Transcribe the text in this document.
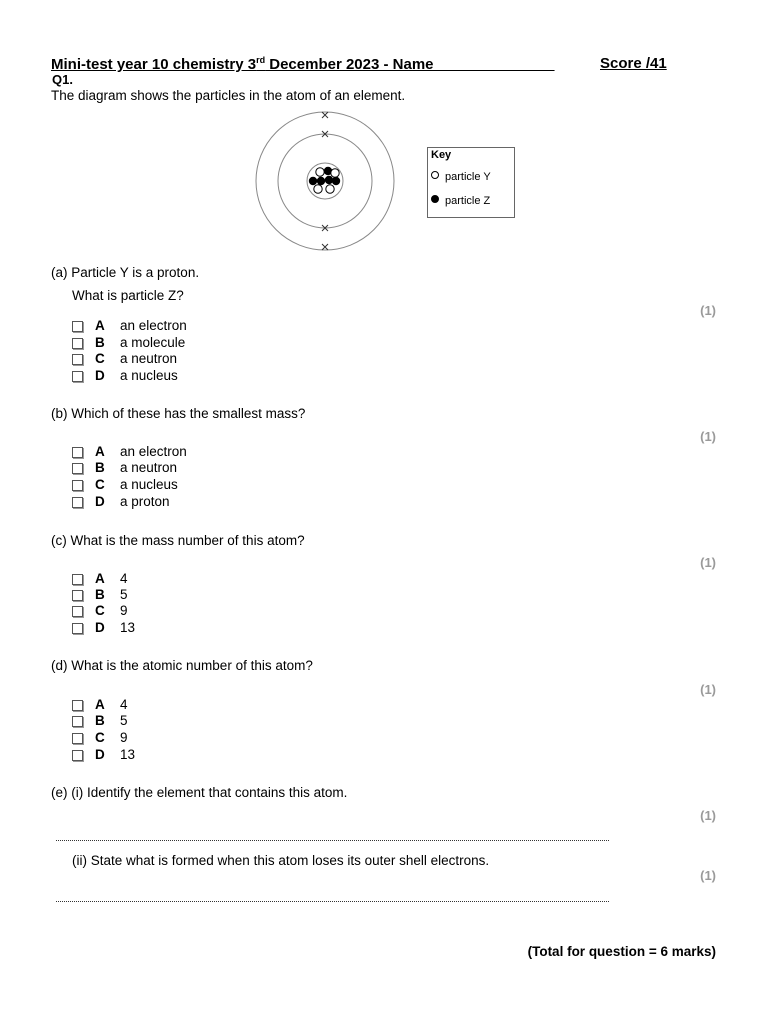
Mini-test year 10 chemistry 3rd December 2023 - Name ______________	Score /41
Q1.
The diagram shows the particles in the atom of an element.
Key
particle Y
particle Z
(a) Particle Y is a proton.
What is particle Z?
(1)
A an electron
B a molecule
C a neutron
D a nucleus
(b) Which of these has the smallest mass?
(1)
A an electron
B a neutron
C a nucleus
D a proton
(c) What is the mass number of this atom?
(1)
A 4
B 5
C 9
D 13
(d) What is the atomic number of this atom?
(1)
A 4
B 5
C 9
D 13
(e) (i) Identify the element that contains this atom.
(1)
(ii) State what is formed when this atom loses its outer shell electrons.
(1)
(Total for question = 6 marks)
